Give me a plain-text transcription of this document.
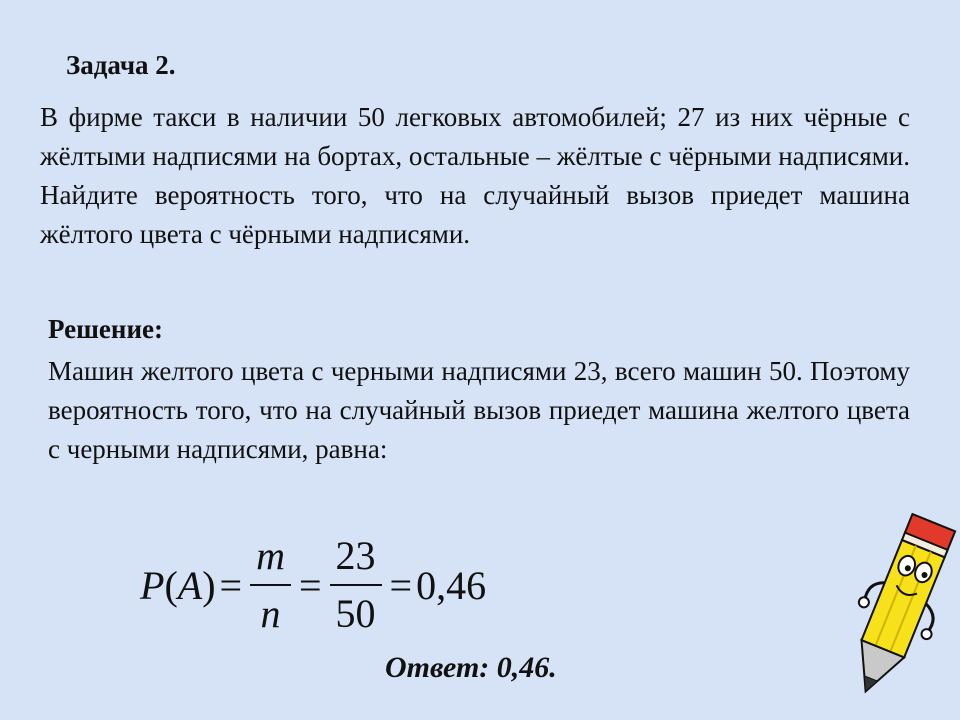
Задача 2.
В фирме такси в наличии 50 легковых автомобилей; 27 из них чёрные с жёлтыми надписями на бортах, остальные – жёлтые с чёрными надписями. Найдите вероятность того, что на случайный вызов приедет машина жёлтого цвета с чёрными надписями.
Решение:
Машин желтого цвета с черными надписями 23, всего машин 50. Поэтому вероятность того, что на случайный вызов приедет машина желтого цвета с черными надписями, равна:
P ( A ) = $\frac{m}{n} = \frac{23}{50} = 0,46$
Ответ: 0,46.
